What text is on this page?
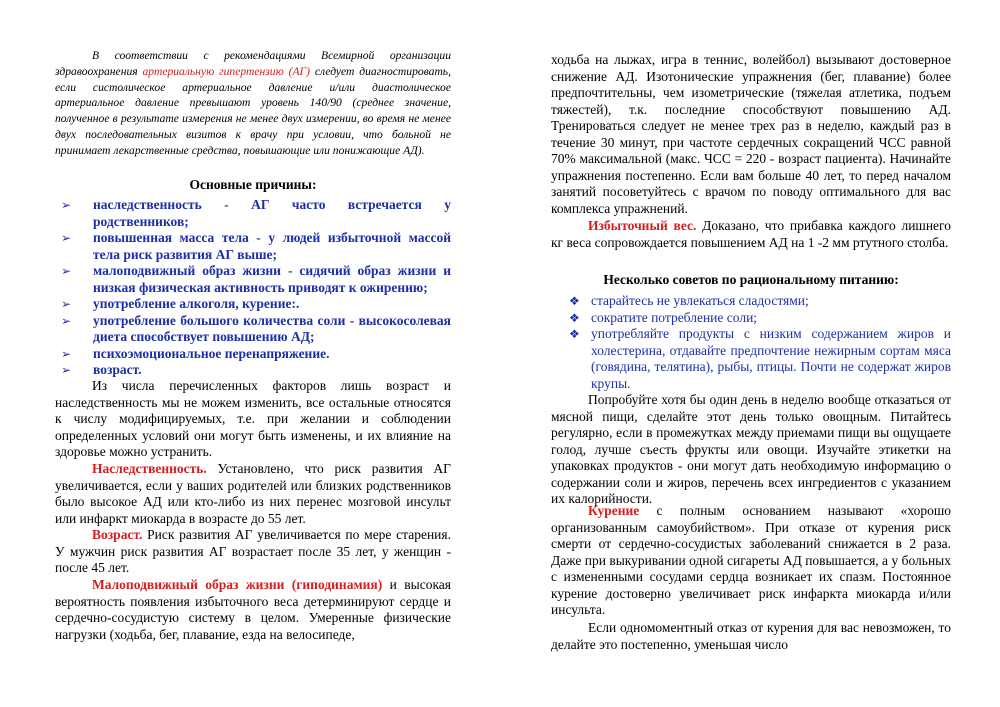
В соответствии с рекомендациями Всемирной организации здравоохранения артериальную гипертензию (АГ) следует диагностировать, если систолическое артериальное давление и/или диастолическое артериальное давление превышают уровень 140/90 (среднее значение, полученное в результате измерения не менее двух измерении, во время не менее двух последовательных визитов к врачу при условии, что больной не принимает лекарственные средства, повышающие или понижающие АД).

Основные причины:
➢ наследственность - АГ часто встречается у родственников;
➢ повышенная масса тела - у людей избыточной массой тела риск развития АГ выше;
➢ малоподвижный образ жизни - сидячий образ жизни и низкая физическая активность приводят к ожирению;
➢ употребление алкоголя, курение:.
➢ употребление большого количества соли - высокосолевая диета способствует повышению АД;
➢ психоэмоциональное перенапряжение.
➢ возраст.

Из числа перечисленных факторов лишь возраст и наследственность мы не можем изменить, все остальные относятся к числу модифицируемых, т.е. при желании и соблюдении определенных условий они могут быть изменены, и их влияние на здоровье можно устранить.

Наследственность. Установлено, что риск развития АГ увеличивается, если у ваших родителей или близких родственников было высокое АД или кто-либо из них перенес мозговой инсульт или инфаркт миокарда в возрасте до 55 лет.

Возраст. Риск развития АГ увеличивается по мере старения. У мужчин риск развития АГ возрастает после 35 лет, у женщин - после 45 лет.

Малоподвижный образ жизни (гиподинамия) и высокая вероятность появления избыточного веса детерминируют сердце и сердечно-сосудистую систему в целом. Умеренные физические нагрузки (ходьба, бег, плавание, езда на велосипеде,

ходьба на лыжах, игра в теннис, волейбол) вызывают достоверное снижение АД. Изотонические упражнения (бег, плавание) более предпочтительны, чем изометрические (тяжелая атлетика, подъем тяжестей), т.к. последние способствуют повышению АД. Тренироваться следует не менее трех раз в неделю, каждый раз в течение 30 минут, при частоте сердечных сокращений ЧСС равной 70% максимальной (макс. ЧСС = 220 - возраст пациента). Начинайте упражнения постепенно. Если вам больше 40 лет, то перед началом занятий посоветуйтесь с врачом по поводу оптимального для вас комплекса упражнений.

Избыточный вес. Доказано, что прибавка каждого лишнего кг веса сопровождается повышением АД на 1 -2 мм ртутного столба.

Несколько советов по рациональному питанию:
❖ старайтесь не увлекаться сладостями;
❖ сократите потребление соли;
❖ употребляйте продукты с низким содержанием жиров и холестерина, отдавайте предпочтение нежирным сортам мяса (говядина, телятина), рыбы, птицы. Почти не содержат жиров крупы.

Попробуйте хотя бы один день в неделю вообще отказаться от мясной пищи, сделайте этот день только овощным. Питайтесь регулярно, если в промежутках между приемами пищи вы ощущаете голод, лучше съесть фрукты или овощи. Изучайте этикетки на упаковках продуктов - они могут дать необходимую информацию о содержании соли и жиров, перечень всех ингредиентов с указанием их калорийности.

Курение с полным основанием называют «хорошо организованным самоубийством». При отказе от курения риск смерти от сердечно-сосудистых заболеваний снижается в 2 раза. Даже при выкуривании одной сигареты АД повышается, а у больных с измененными сосудами сердца возникает их спазм. Постоянное курение достоверно увеличивает риск инфаркта миокарда и/или инсульта.

Если одномоментный отказ от курения для вас невозможен, то делайте это постепенно, уменьшая число
